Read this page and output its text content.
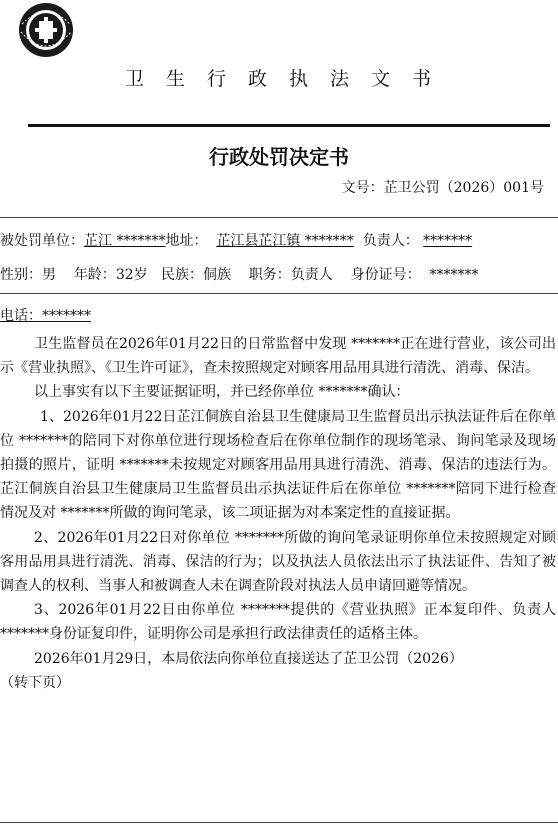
卫生行政执法文书
行政处罚决定书
文号：芷卫公罚（2026）001号
被处罚单位：芷江 *******地址： 芷江县芷江镇 ******* 负责人： *******
性别：男 年龄：32岁 民族：侗族 职务：负责人 身份证号： *******
电话：*******

卫生监督员在2026年01月22日的日常监督中发现 *******正在进行营业，该公司出示《营业执照》、《卫生许可证》，查未按照规定对顾客用品用具进行清洗、消毒、保洁。

以上事实有以下主要证据证明，并已经你单位 *******确认：

1、2026年01月22日芷江侗族自治县卫生健康局卫生监督员出示执法证件后在你单位 *******的陪同下对你单位进行现场检查后在你单位制作的现场笔录、询问笔录及现场拍摄的照片，证明 *******未按规定对顾客用品用具进行清洗、消毒、保洁的违法行为。芷江侗族自治县卫生健康局卫生监督员出示执法证件后在你单位 *******陪同下进行检查情况及对 *******所做的询问笔录，该二项证据为对本案定性的直接证据。

2、2026年01月22日对你单位 *******所做的询问笔录证明你单位未按照规定对顾客用品用具进行清洗、消毒、保洁的行为；以及执法人员依法出示了执法证件、告知了被调查人的权利、当事人和被调查人未在调查阶段对执法人员申请回避等情况。

3、2026年01月22日由你单位 *******提供的《营业执照》正本复印件、负责人 *******身份证复印件，证明你公司是承担行政法律责任的适格主体。

2026年01月29日，本局依法向你单位直接送达了芷卫公罚（2026）

（转下页）
